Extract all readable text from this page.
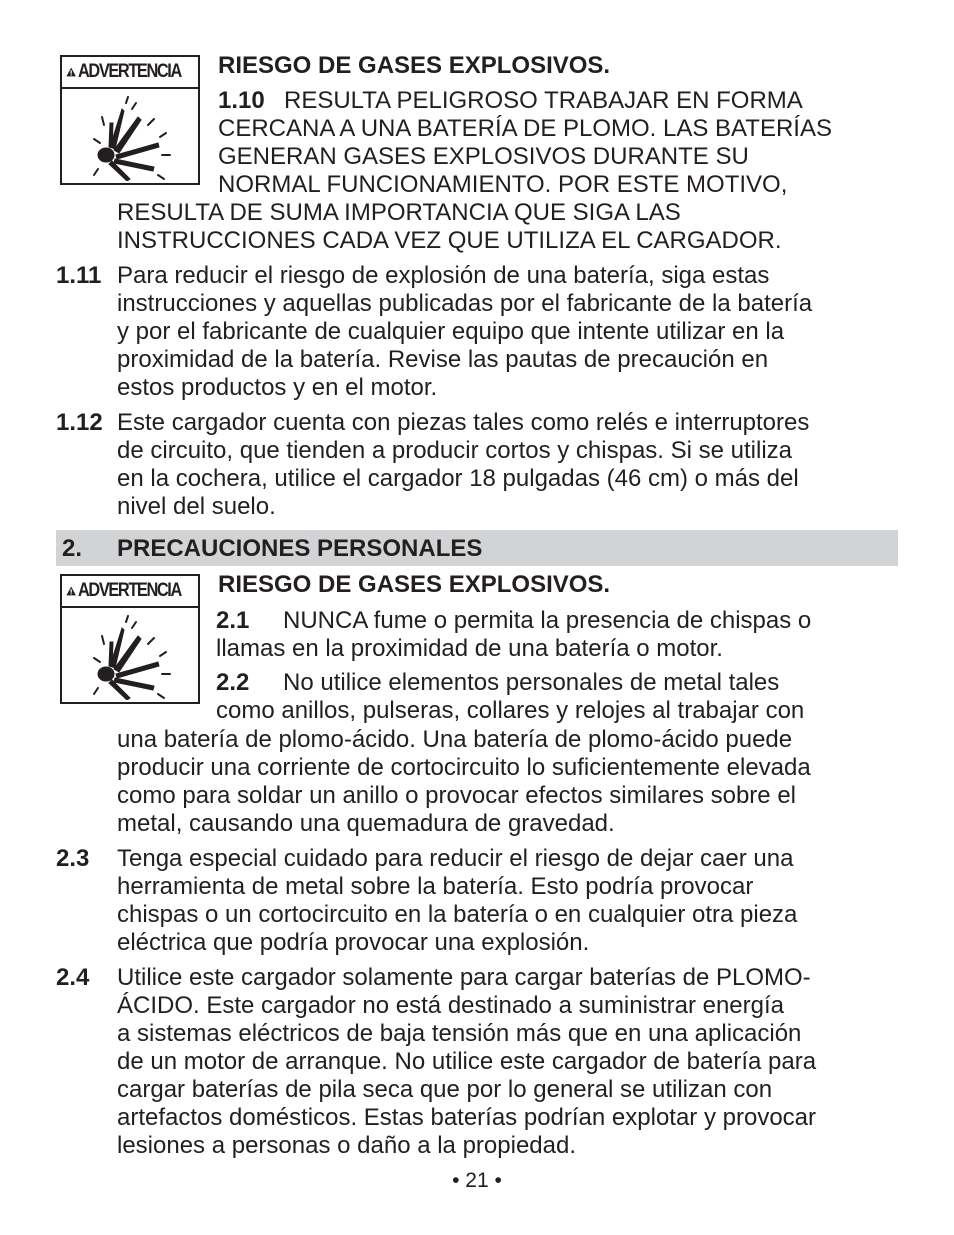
ADVERTENCIA RIESGO DE GASES EXPLOSIVOS.
1.10 RESULTA PELIGROSO TRABAJAR EN FORMA
CERCANA A UNA BATERÍA DE PLOMO. LAS BATERÍAS
GENERAN GASES EXPLOSIVOS DURANTE SU
NORMAL FUNCIONAMIENTO. POR ESTE MOTIVO,
RESULTA DE SUMA IMPORTANCIA QUE SIGA LAS
INSTRUCCIONES CADA VEZ QUE UTILIZA EL CARGADOR.
1.11 Para reducir el riesgo de explosión de una batería, siga estas
instrucciones y aquellas publicadas por el fabricante de la batería
y por el fabricante de cualquier equipo que intente utilizar en la
proximidad de la batería. Revise las pautas de precaución en
estos productos y en el motor.
1.12 Este cargador cuenta con piezas tales como relés e interruptores
de circuito, que tienden a producir cortos y chispas. Si se utiliza
en la cochera, utilice el cargador 18 pulgadas (46 cm) o más del
nivel del suelo.
2. PRECAUCIONES PERSONALES
ADVERTENCIA RIESGO DE GASES EXPLOSIVOS.
2.1 NUNCA fume o permita la presencia de chispas o
llamas en la proximidad de una batería o motor.
2.2 No utilice elementos personales de metal tales
como anillos, pulseras, collares y relojes al trabajar con
una batería de plomo-ácido. Una batería de plomo-ácido puede
producir una corriente de cortocircuito lo suficientemente elevada
como para soldar un anillo o provocar efectos similares sobre el
metal, causando una quemadura de gravedad.
2.3 Tenga especial cuidado para reducir el riesgo de dejar caer una
herramienta de metal sobre la batería. Esto podría provocar
chispas o un cortocircuito en la batería o en cualquier otra pieza
eléctrica que podría provocar una explosión.
2.4 Utilice este cargador solamente para cargar baterías de PLOMO-
ÁCIDO. Este cargador no está destinado a suministrar energía
a sistemas eléctricos de baja tensión más que en una aplicación
de un motor de arranque. No utilice este cargador de batería para
cargar baterías de pila seca que por lo general se utilizan con
artefactos domésticos. Estas baterías podrían explotar y provocar
lesiones a personas o daño a la propiedad.
• 21 •
